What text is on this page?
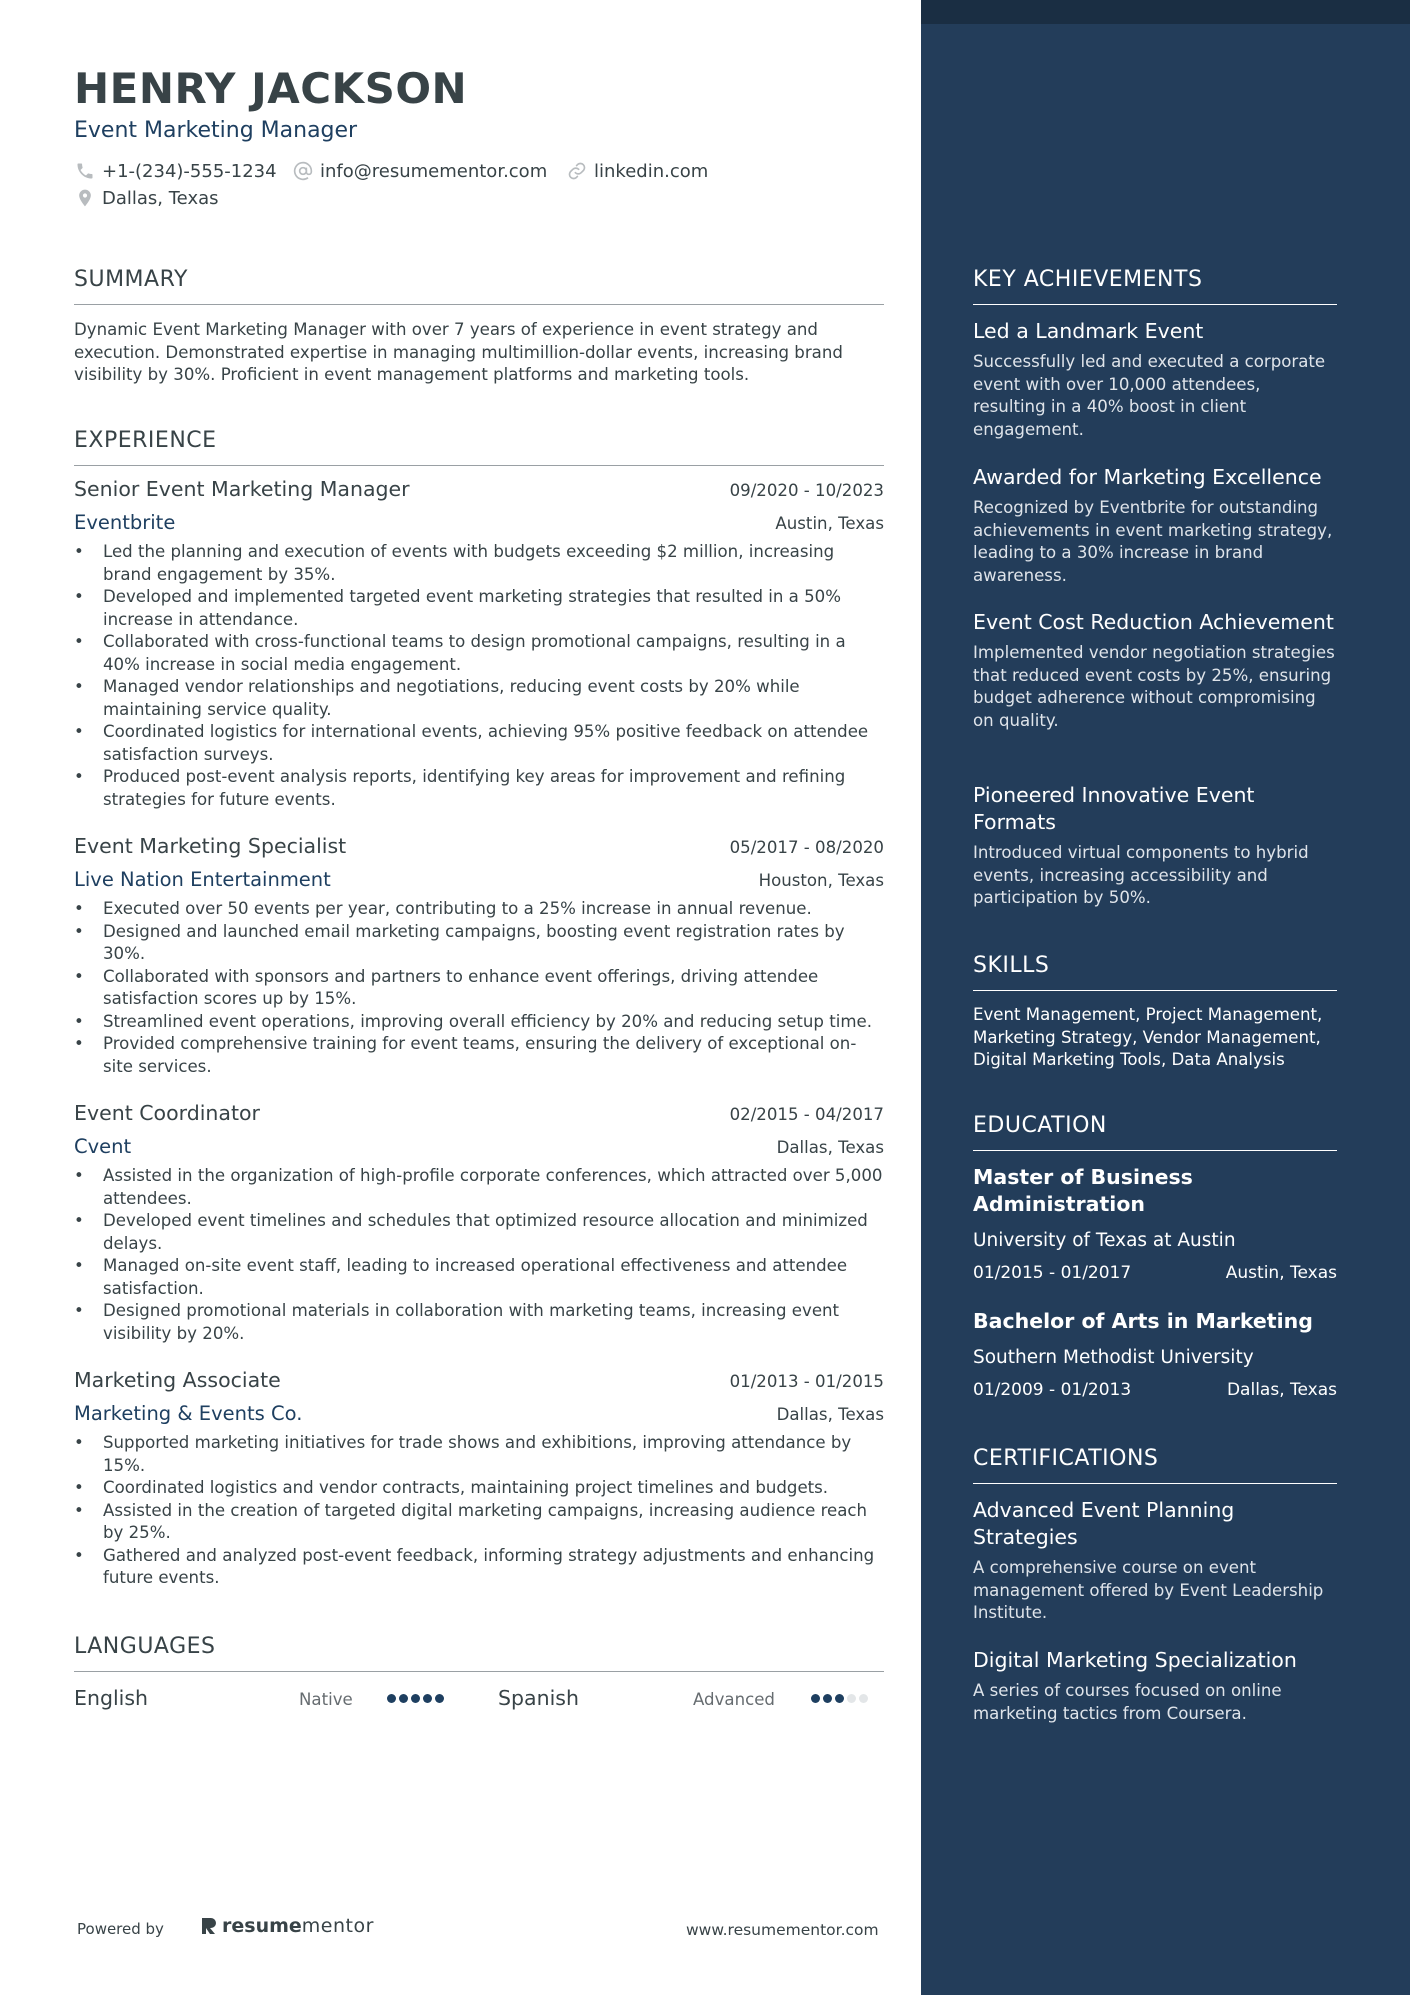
HENRY JACKSON
Event Marketing Manager
+1-(234)-555-1234 info@resumementor.com	linkedin.com
Dallas, Texas
SUMMARY
Dynamic Event Marketing Manager with over 7 years of experience in event strategy and execution. Demonstrated expertise in managing multimillion-dollar events, increasing brand visibility by 30%. Proficient in event management platforms and marketing tools.
EXPERIENCE
Senior Event Marketing Manager	09/2020 - 10/2023
Eventbrite	Austin, Texas
• Led the planning and execution of events with budgets exceeding $2 million, increasing brand engagement by 35%.
• Developed and implemented targeted event marketing strategies that resulted in a 50% increase in attendance.
• Collaborated with cross-functional teams to design promotional campaigns, resulting in a 40% increase in social media engagement.
• Managed vendor relationships and negotiations, reducing event costs by 20% while maintaining service quality.
• Coordinated logistics for international events, achieving 95% positive feedback on attendee satisfaction surveys.
• Produced post-event analysis reports, identifying key areas for improvement and refining strategies for future events.
Event Marketing Specialist	05/2017 - 08/2020
Live Nation Entertainment	Houston, Texas
• Executed over 50 events per year, contributing to a 25% increase in annual revenue.
• Designed and launched email marketing campaigns, boosting event registration rates by 30%.
• Collaborated with sponsors and partners to enhance event offerings, driving attendee satisfaction scores up by 15%.
• Streamlined event operations, improving overall efficiency by 20% and reducing setup time.
• Provided comprehensive training for event teams, ensuring the delivery of exceptional on-site services.
Event Coordinator	02/2015 - 04/2017
Cvent	Dallas, Texas
• Assisted in the organization of high-profile corporate conferences, which attracted over 5,000 attendees.
• Developed event timelines and schedules that optimized resource allocation and minimized delays.
• Managed on-site event staff, leading to increased operational effectiveness and attendee satisfaction.
• Designed promotional materials in collaboration with marketing teams, increasing event visibility by 20%.
Marketing Associate	01/2013 - 01/2015
Marketing & Events Co.	Dallas, Texas
• Supported marketing initiatives for trade shows and exhibitions, improving attendance by 15%.
• Coordinated logistics and vendor contracts, maintaining project timelines and budgets.
• Assisted in the creation of targeted digital marketing campaigns, increasing audience reach by 25%.
• Gathered and analyzed post-event feedback, informing strategy adjustments and enhancing future events.
LANGUAGES
English	Native	Spanish	Advanced
Powered by	resume mentor	www.resumementor.com
KEY ACHIEVEMENTS
Led a Landmark Event
Successfully led and executed a corporate event with over 10,000 attendees, resulting in a 40% boost in client engagement.
Awarded for Marketing Excellence
Recognized by Eventbrite for outstanding achievements in event marketing strategy, leading to a 30% increase in brand awareness.
Event Cost Reduction Achievement
Implemented vendor negotiation strategies that reduced event costs by 25%, ensuring budget adherence without compromising on quality.
Pioneered Innovative Event Formats
Introduced virtual components to hybrid events, increasing accessibility and participation by 50%.
SKILLS
Event Management, Project Management, Marketing Strategy, Vendor Management, Digital Marketing Tools, Data Analysis
EDUCATION
Master of Business Administration
University of Texas at Austin
01/2015 - 01/2017	Austin, Texas
Bachelor of Arts in Marketing
Southern Methodist University
01/2009 - 01/2013	Dallas, Texas
CERTIFICATIONS
Advanced Event Planning Strategies
A comprehensive course on event management offered by Event Leadership Institute.
Digital Marketing Specialization
A series of courses focused on online marketing tactics from Coursera.
